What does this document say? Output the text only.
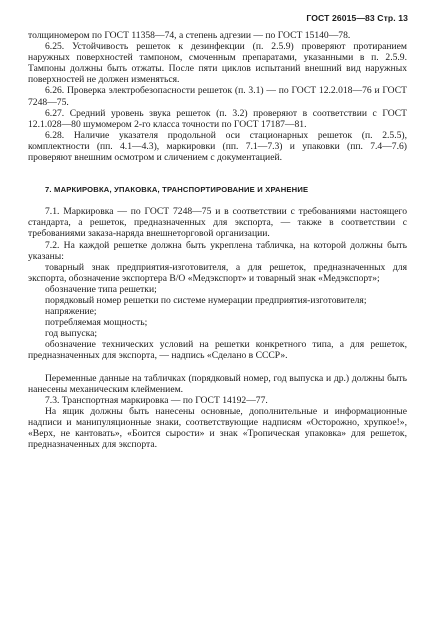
ГОСТ 26015—83 Стр. 13

толщиномером по ГОСТ 11358—74, а степень адгезии — по ГОСТ 15140—78.

6.25. Устойчивость решеток к дезинфекции (п. 2.5.9) проверяют протиранием наружных поверхностей тампоном, смоченным препаратами, указанными в п. 2.5.9. Тампоны должны быть отжаты. После пяти циклов испытаний внешний вид наружных поверхностей не должен изменяться.

6.26. Проверка электробезопасности решеток (п. 3.1) — по ГОСТ 12.2.018—76 и ГОСТ 7248—75.

6.27. Средний уровень звука решеток (п. 3.2) проверяют в соответствии с ГОСТ 12.1.028—80 шумомером 2-го класса точности по ГОСТ 17187—81.

6.28. Наличие указателя продольной оси стационарных решеток (п. 2.5.5), комплектности (пп. 4.1—4.3), маркировки (пп. 7.1—7.3) и упаковки (пп. 7.4—7.6) проверяют внешним осмотром и сличением с документацией.

7. МАРКИРОВКА, УПАКОВКА, ТРАНСПОРТИРОВАНИЕ И ХРАНЕНИЕ

7.1. Маркировка — по ГОСТ 7248—75 и в соответствии с требованиями настоящего стандарта, а решеток, предназначенных для экспорта, — также в соответствии с требованиями заказа-наряда внешнеторговой организации.

7.2. На каждой решетке должна быть укреплена табличка, на которой должны быть указаны:

товарный знак предприятия-изготовителя, а для решеток, предназначенных для экспорта, обозначение экспортера В/О «Медэкспорт» и товарный знак «Медэкспорт»;

обозначение типа решетки;

порядковый номер решетки по системе нумерации предприятия-изготовителя;

напряжение;

потребляемая мощность;

год выпуска;

обозначение технических условий на решетки конкретного типа, а для решеток, предназначенных для экспорта, — надпись «Сделано в СССР».

Переменные данные на табличках (порядковый номер, год выпуска и др.) должны быть нанесены механическим клеймением.

7.3. Транспортная маркировка — по ГОСТ 14192—77.

На ящик должны быть нанесены основные, дополнительные и информационные надписи и манипуляционные знаки, соответствующие надписям «Осторожно, хрупкое!», «Верх, не кантовать», «Боится сырости» и знак «Тропическая упаковка» для решеток, предназначенных для экспорта.
